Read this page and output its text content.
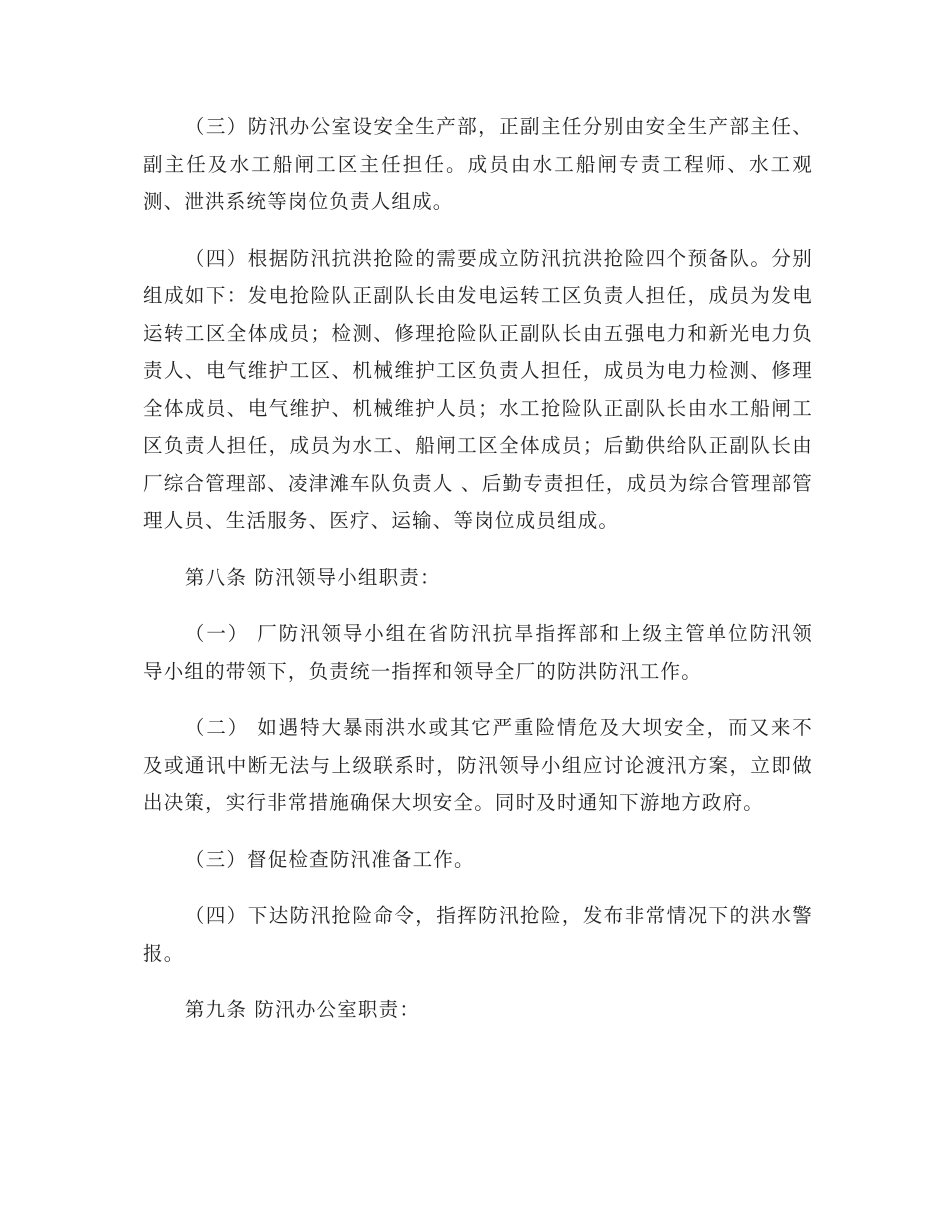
（三）防汛办公室设安全生产部，正副主任分别由安全生产部主任、副主任及水工船闸工区主任担任。成员由水工船闸专责工程师、水工观测、泄洪系统等岗位负责人组成。

（四）根据防汛抗洪抢险的需要成立防汛抗洪抢险四个预备队。分别组成如下：发电抢险队正副队长由发电运转工区负责人担任，成员为发电运转工区全体成员；检测、修理抢险队正副队长由五强电力和新光电力负责人、电气维护工区、机械维护工区负责人担任，成员为电力检测、修理全体成员、电气维护、机械维护人员；水工抢险队正副队长由水工船闸工区负责人担任，成员为水工、船闸工区全体成员；后勤供给队正副队长由厂综合管理部、凌津滩车队负责人 、后勤专责担任，成员为综合管理部管理人员、生活服务、医疗、运输、等岗位成员组成。

第八条 防汛领导小组职责：

（一） 厂防汛领导小组在省防汛抗旱指挥部和上级主管单位防汛领导小组的带领下，负责统一指挥和领导全厂的防洪防汛工作。

（二） 如遇特大暴雨洪水或其它严重险情危及大坝安全，而又来不及或通讯中断无法与上级联系时，防汛领导小组应讨论渡汛方案，立即做出决策，实行非常措施确保大坝安全。同时及时通知下游地方政府。

（三）督促检查防汛准备工作。

（四）下达防汛抢险命令，指挥防汛抢险，发布非常情况下的洪水警报。

第九条 防汛办公室职责：
